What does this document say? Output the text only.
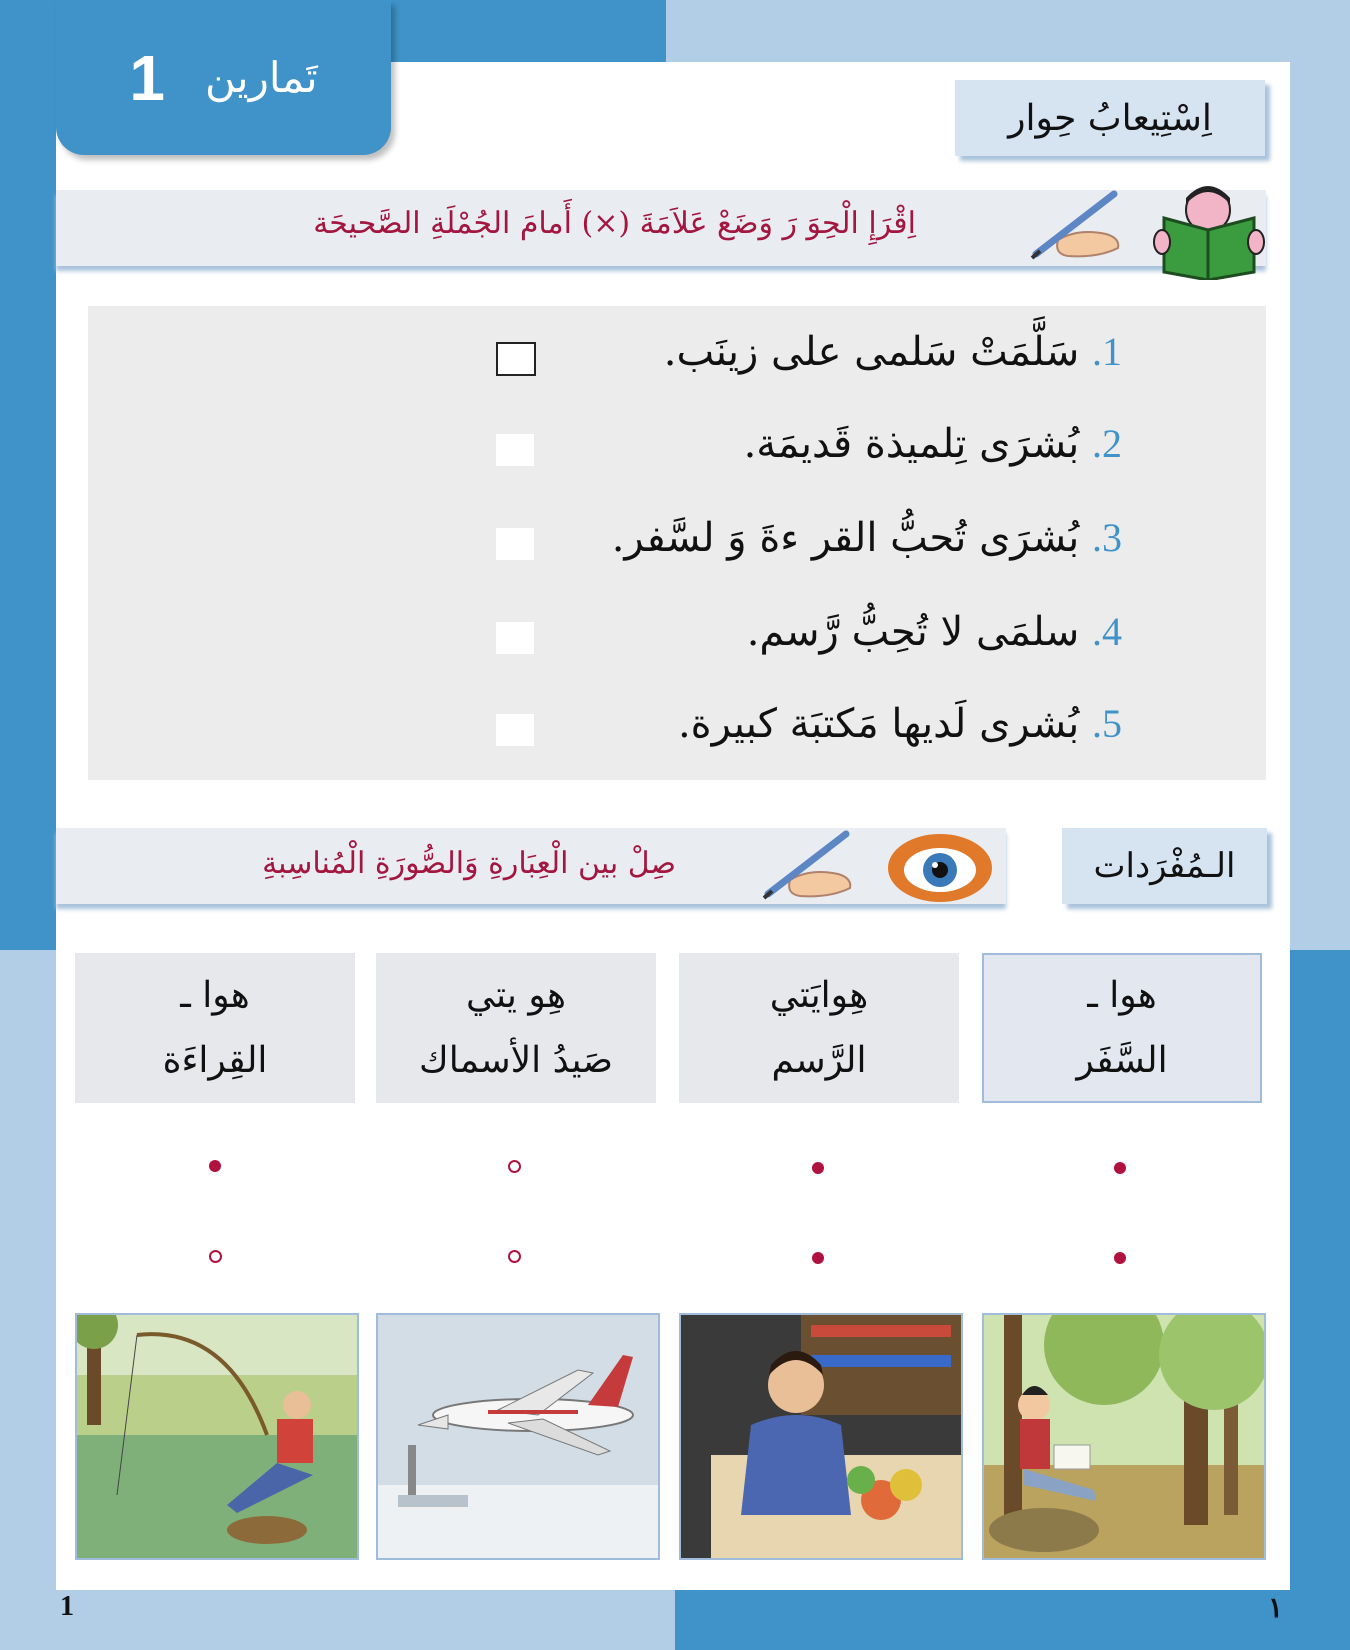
تَمارين
1
اِسْتِيعابُ حِوار
اِقْرَإِ الْحِوَ رَ وَضَعْ عَلاَمَةَ (×) أَمامَ الجُمْلَةِ الصَّحيحَة
1. سَلَّمَتْ سَلمى على زينَب.
2. بُشرَى تِلميذة قَديمَة.
3. بُشرَى تُحبُّ القر ءةَ وَ لسَّفر.
4. سلمَى لا تُحِبُّ رَّسم.
5. بُشرى لَديها مَكتبَة كبيرة.
الـمُفْرَدات
صِلْ بين الْعِبَارةِ وَالصُّورَةِ الْمُناسِبةِ
هوا ـ
السَّفَر
هِوايَتي
الرَّسم
هِو يتي
صَيدُ الأسماك
هوا ـ
القِراءَة
1	١
